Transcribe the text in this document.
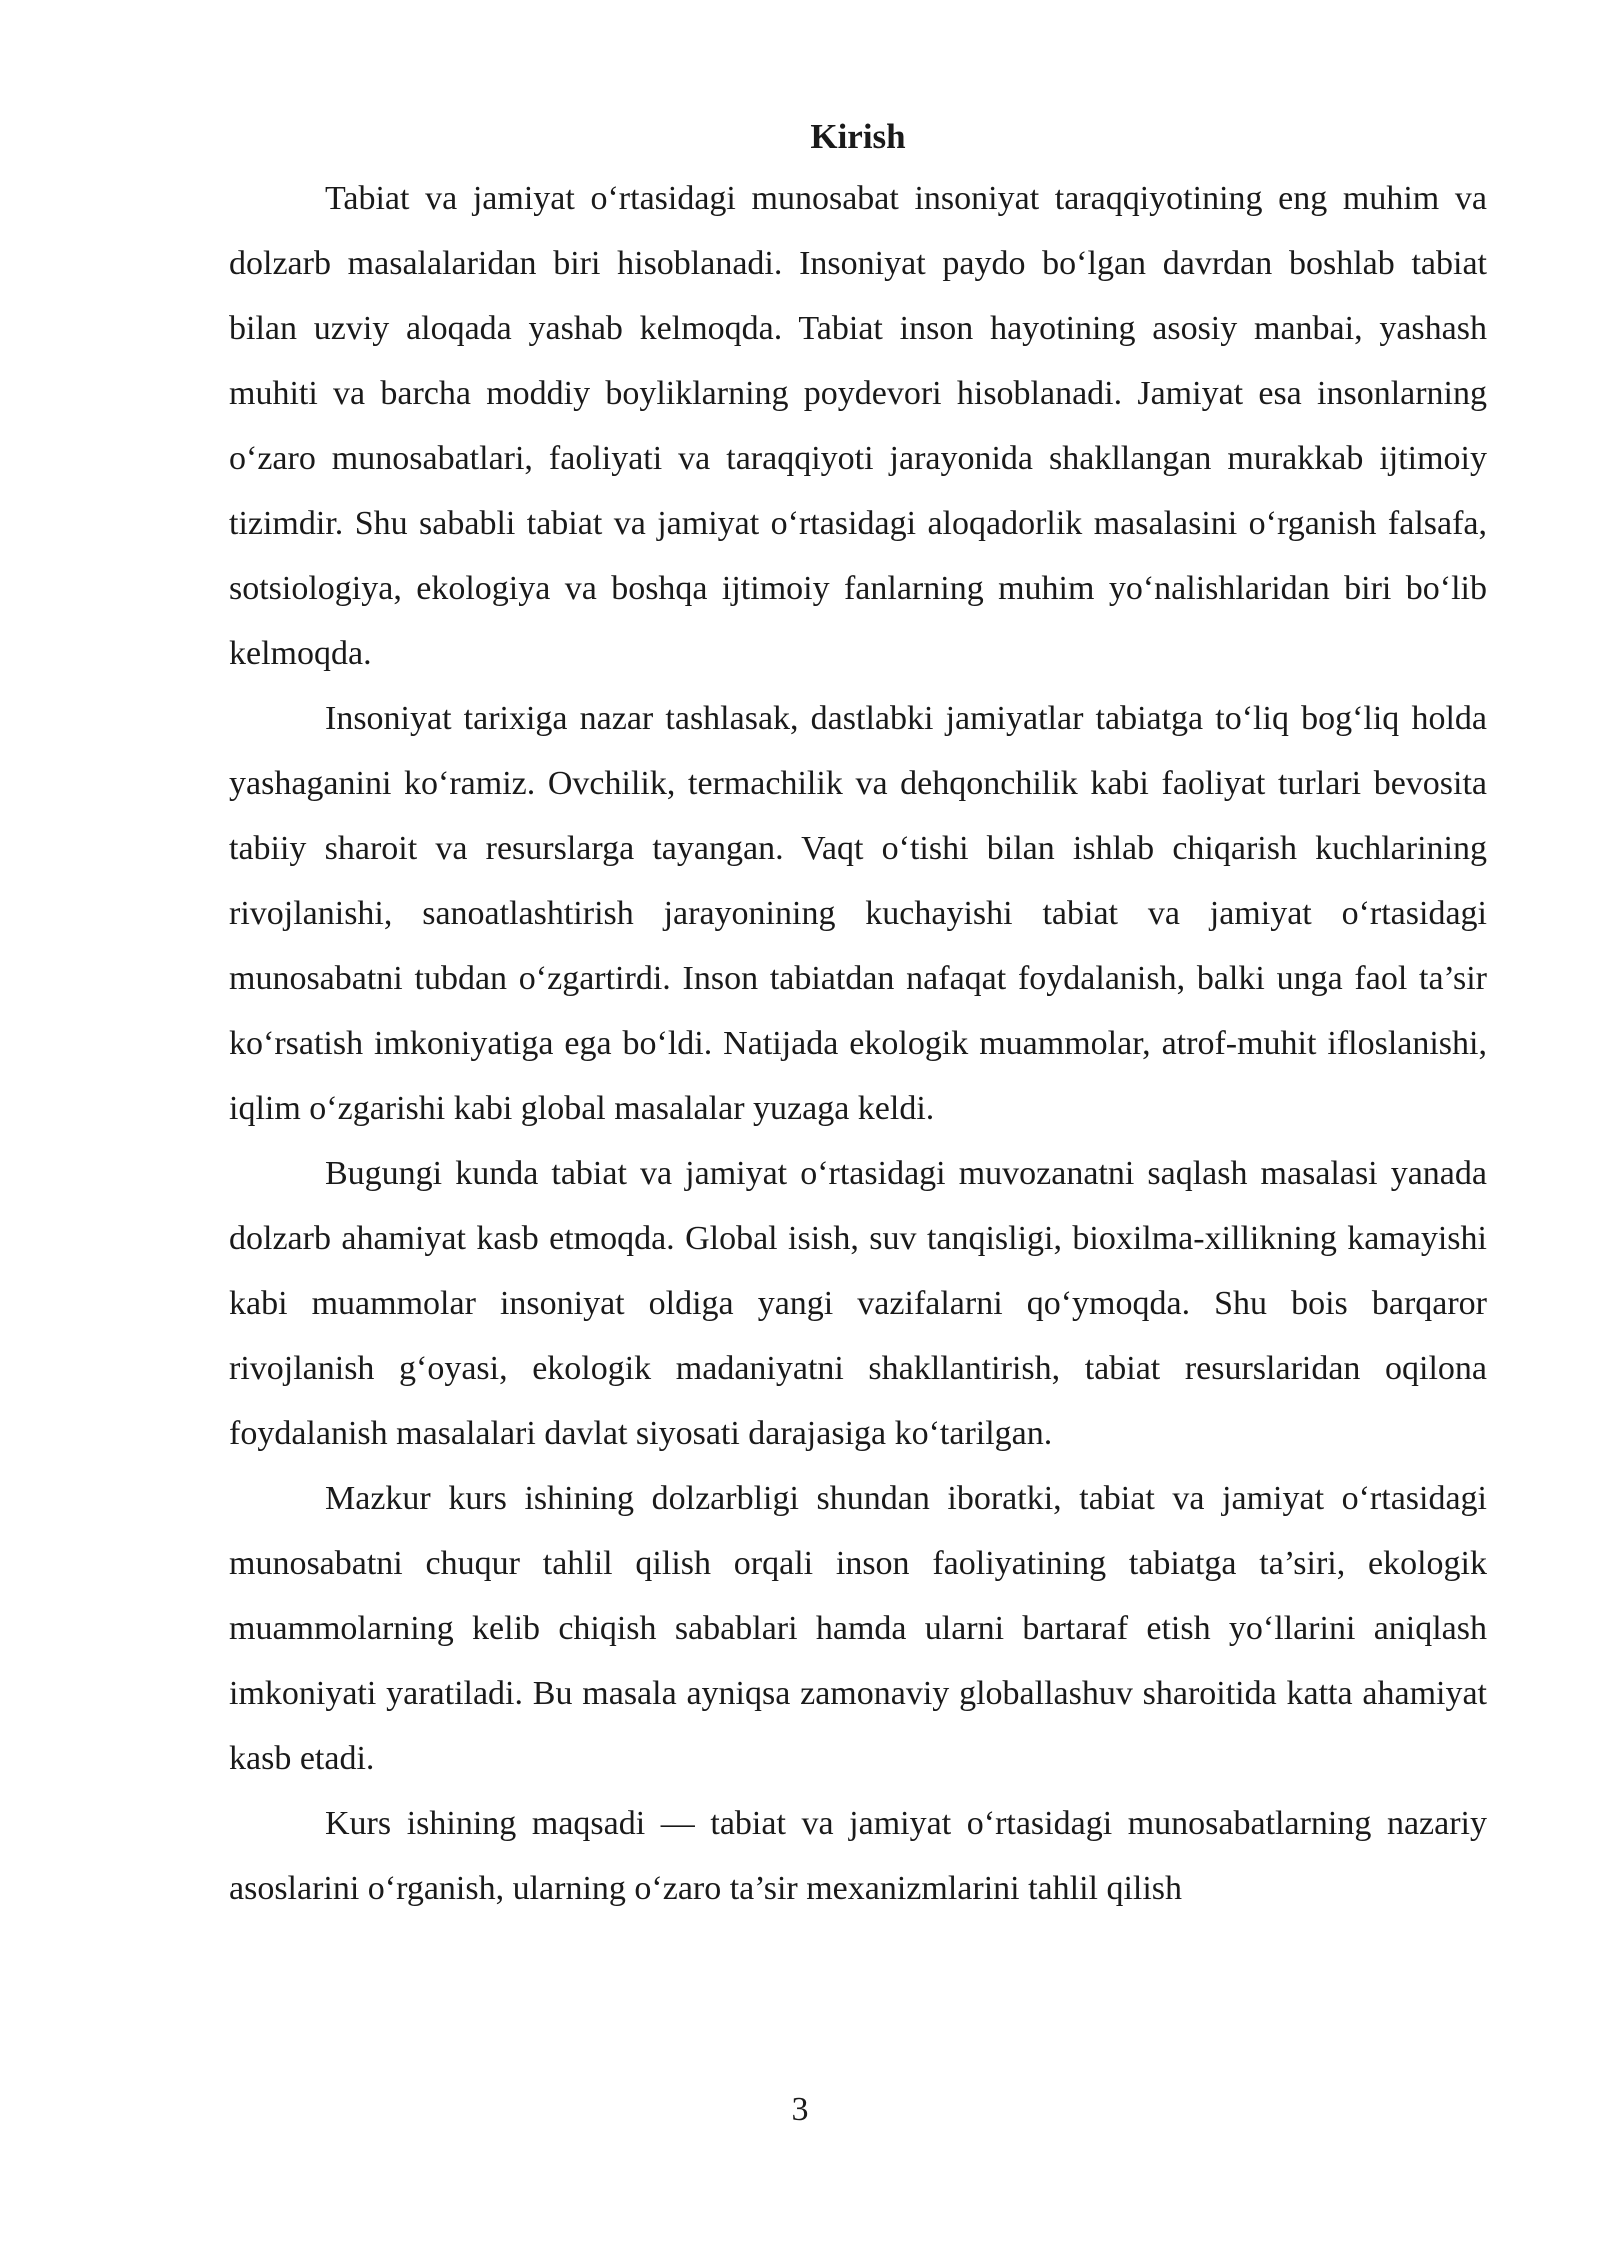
Kirish

Tabiat va jamiyat o‘rtasidagi munosabat insoniyat taraqqiyotining eng muhim va dolzarb masalalaridan biri hisoblanadi. Insoniyat paydo bo‘lgan davrdan boshlab tabiat bilan uzviy aloqada yashab kelmoqda. Tabiat inson hayotining asosiy manbai, yashash muhiti va barcha moddiy boyliklarning poydevori hisoblanadi. Jamiyat esa insonlarning o‘zaro munosabatlari, faoliyati va taraqqiyoti jarayonida shakllangan murakkab ijtimoiy tizimdir. Shu sababli tabiat va jamiyat o‘rtasidagi aloqadorlik masalasini o‘rganish falsafa, sotsiologiya, ekologiya va boshqa ijtimoiy fanlarning muhim yo‘nalishlaridan biri bo‘lib kelmoqda.

Insoniyat tarixiga nazar tashlasak, dastlabki jamiyatlar tabiatga to‘liq bog‘liq holda yashaganini ko‘ramiz. Ovchilik, termachilik va dehqonchilik kabi faoliyat turlari bevosita tabiiy sharoit va resurslarga tayangan. Vaqt o‘tishi bilan ishlab chiqarish kuchlarining rivojlanishi, sanoatlashtirish jarayonining kuchayishi tabiat va jamiyat o‘rtasidagi munosabatni tubdan o‘zgartirdi. Inson tabiatdan nafaqat foydalanish, balki unga faol ta’sir ko‘rsatish imkoniyatiga ega bo‘ldi. Natijada ekologik muammolar, atrof-muhit ifloslanishi, iqlim o‘zgarishi kabi global masalalar yuzaga keldi.

Bugungi kunda tabiat va jamiyat o‘rtasidagi muvozanatni saqlash masalasi yanada dolzarb ahamiyat kasb etmoqda. Global isish, suv tanqisligi, bioxilma-xillikning kamayishi kabi muammolar insoniyat oldiga yangi vazifalarni qo‘ymoqda. Shu bois barqaror rivojlanish g‘oyasi, ekologik madaniyatni shakllantirish, tabiat resurslaridan oqilona foydalanish masalalari davlat siyosati darajasiga ko‘tarilgan.

Mazkur kurs ishining dolzarbligi shundan iboratki, tabiat va jamiyat o‘rtasidagi munosabatni chuqur tahlil qilish orqali inson faoliyatining tabiatga ta’siri, ekologik muammolarning kelib chiqish sabablari hamda ularni bartaraf etish yo‘llarini aniqlash imkoniyati yaratiladi. Bu masala ayniqsa zamonaviy globallashuv sharoitida katta ahamiyat kasb etadi.

Kurs ishining maqsadi — tabiat va jamiyat o‘rtasidagi munosabatlarning nazariy asoslarini o‘rganish, ularning o‘zaro ta’sir mexanizmlarini tahlil qilish

3
